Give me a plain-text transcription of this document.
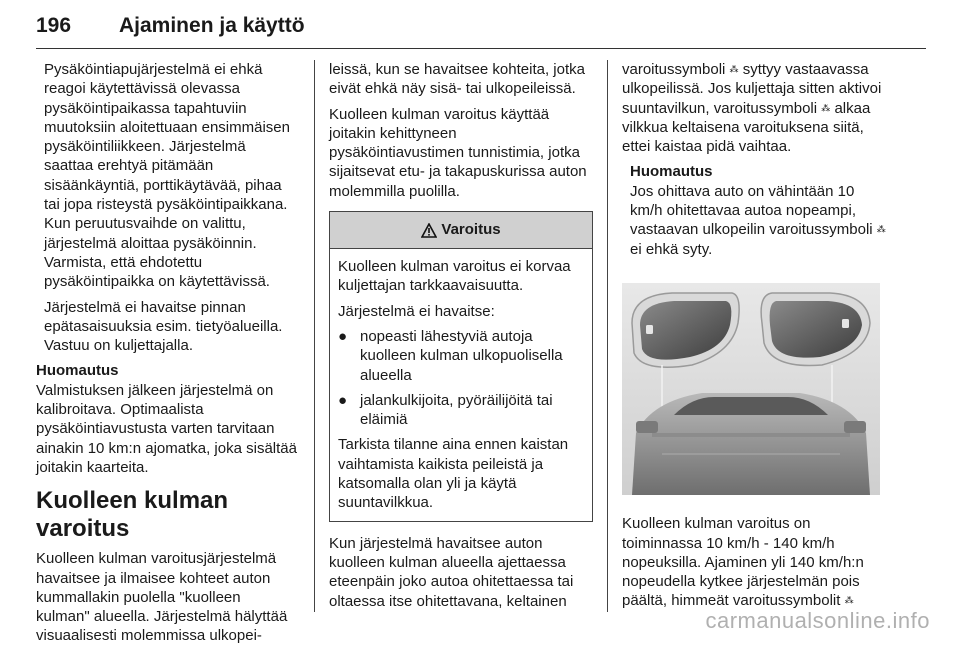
196 Ajaminen ja käyttö

Pysäköintiapujärjestelmä ei ehkä reagoi käytettävissä olevassa pysäköintipaikassa tapahtuviin muutoksiin aloitettuaan ensimmäisen pysäköintiliikkeen. Järjestelmä saattaa erehtyä pitämään sisäänkäyntiä, porttikäytävää, pihaa tai jopa risteystä pysäköintipaikkana. Kun peruutusvaihde on valittu, järjestelmä aloittaa pysäköinnin. Varmista, että ehdotettu pysäköintipaikka on käytettävissä.

Järjestelmä ei havaitse pinnan epätasaisuuksia esim. tietyöalueilla. Vastuu on kuljettajalla.

Huomautus

Valmistuksen jälkeen järjestelmä on kalibroitava. Optimaalista pysäköintiavustusta varten tarvitaan ainakin 10 km:n ajomatka, joka sisältää joitakin kaarteita.

Kuolleen kulman varoitus

Kuolleen kulman varoitusjärjestelmä havaitsee ja ilmaisee kohteet auton kummallakin puolella "kuolleen kulman" alueella. Järjestelmä hälyttää visuaalisesti molemmissa ulkopei-

leissä, kun se havaitsee kohteita, jotka eivät ehkä näy sisä- tai ulkopeileissä.

Kuolleen kulman varoitus käyttää joitakin kehittyneen pysäköintiavustimen tunnistimia, jotka sijaitsevat etu- ja takapuskurissa auton molemmilla puolilla.

Varoitus

Kuolleen kulman varoitus ei korvaa kuljettajan tarkkaavaisuutta.

Järjestelmä ei havaitse:

● nopeasti lähestyviä autoja kuolleen kulman ulkopuolisella alueella
● jalankulkijoita, pyöräilijöitä tai eläimiä

Tarkista tilanne aina ennen kaistan vaihtamista kaikista peileistä ja katsomalla olan yli ja käytä suuntavilkkua.

Kun järjestelmä havaitsee auton kuolleen kulman alueella ajettaessa eteenpäin joko autoa ohitettaessa tai oltaessa itse ohitettavana, keltainen

varoitussymboli ⁂ syttyy vastaavassa ulkopeilissä. Jos kuljettaja sitten aktivoi suuntavilkun, varoitussymboli ⁂ alkaa vilkkua keltaisena varoituksena siitä, ettei kaistaa pidä vaihtaa.

Huomautus

Jos ohittava auto on vähintään 10 km/h ohitettavaa autoa nopeampi, vastaavan ulkopeilin varoitussymboli ⁂ ei ehkä syty.

Kuolleen kulman varoitus on toiminnassa 10 km/h - 140 km/h nopeuksilla. Ajaminen yli 140 km/h:n nopeudella kytkee järjestelmän pois päältä, himmeät varoitussymbolit ⁂

carmanualsonline.info
